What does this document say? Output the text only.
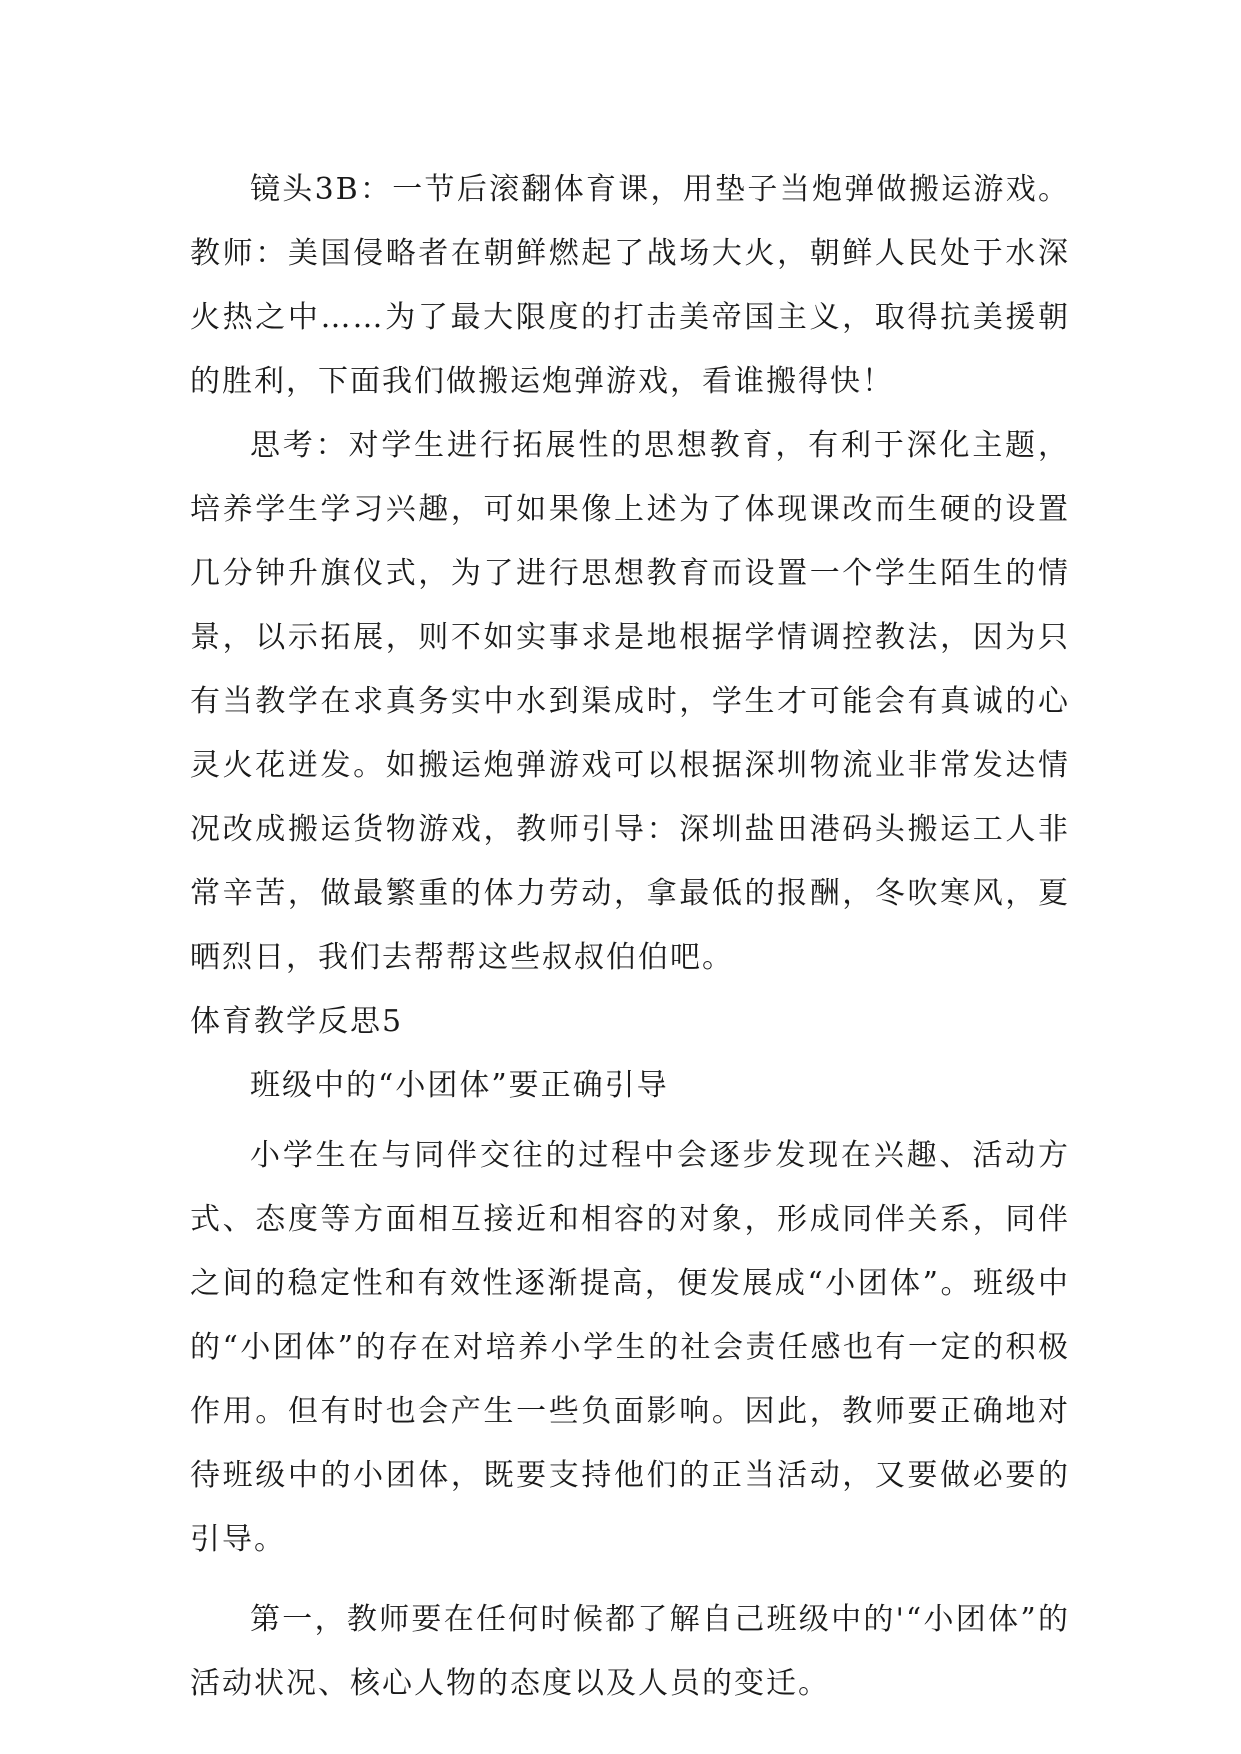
镜头3B：一节后滚翻体育课，用垫子当炮弹做搬运游戏。教师：美国侵略者在朝鲜燃起了战场大火，朝鲜人民处于水深火热之中……为了最大限度的打击美帝国主义，取得抗美援朝的胜利，下面我们做搬运炮弹游戏，看谁搬得快！

思考：对学生进行拓展性的思想教育，有利于深化主题，培养学生学习兴趣，可如果像上述为了体现课改而生硬的设置几分钟升旗仪式，为了进行思想教育而设置一个学生陌生的情景，以示拓展，则不如实事求是地根据学情调控教法，因为只有当教学在求真务实中水到渠成时，学生才可能会有真诚的心灵火花迸发。如搬运炮弹游戏可以根据深圳物流业非常发达情况改成搬运货物游戏，教师引导：深圳盐田港码头搬运工人非常辛苦，做最繁重的体力劳动，拿最低的报酬，冬吹寒风，夏晒烈日，我们去帮帮这些叔叔伯伯吧。

体育教学反思5

班级中的“小团体”要正确引导

小学生在与同伴交往的过程中会逐步发现在兴趣、活动方式、态度等方面相互接近和相容的对象，形成同伴关系，同伴之间的稳定性和有效性逐渐提高，便发展成“小团体”。班级中的“小团体”的存在对培养小学生的社会责任感也有一定的积极作用。但有时也会产生一些负面影响。因此，教师要正确地对待班级中的小团体，既要支持他们的正当活动，又要做必要的引导。

第一，教师要在任何时候都了解自己班级中的'“小团体”的活动状况、核心人物的态度以及人员的变迁。
